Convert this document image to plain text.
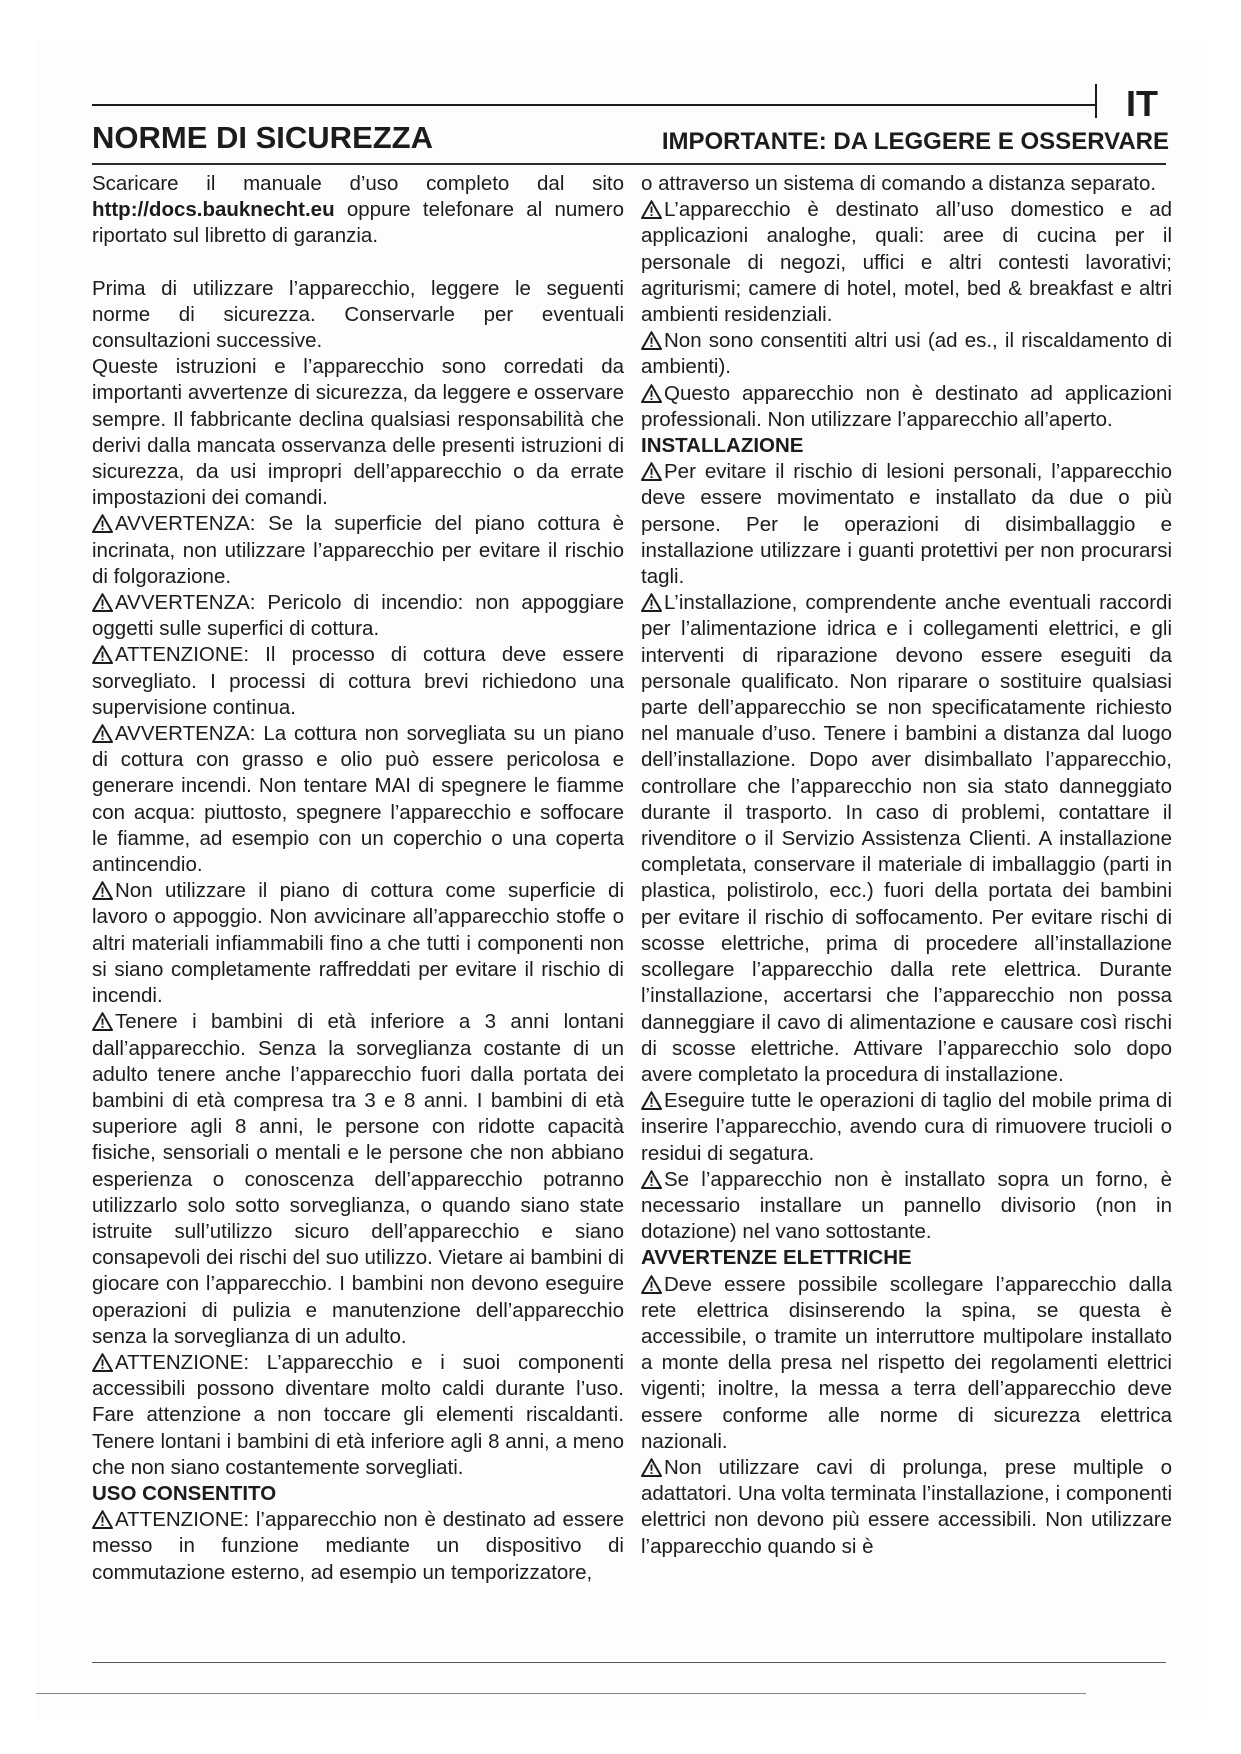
IT
NORME DI SICUREZZA	IMPORTANTE: DA LEGGERE E OSSERVARE

Scaricare il manuale d’uso completo dal sito http://docs.bauknecht.eu oppure telefonare al numero riportato sul libretto di garanzia.

Prima di utilizzare l’apparecchio, leggere le seguenti norme di sicurezza. Conservarle per eventuali consultazioni successive.

Queste istruzioni e l’apparecchio sono corredati da importanti avvertenze di sicurezza, da leggere e osservare sempre. Il fabbricante declina qualsiasi responsabilità che derivi dalla mancata osservanza delle presenti istruzioni di sicurezza, da usi impropri dell’apparecchio o da errate impostazioni dei comandi.

AVVERTENZA: Se la superficie del piano cottura è incrinata, non utilizzare l’apparecchio per evitare il rischio di folgorazione.

AVVERTENZA: Pericolo di incendio: non appoggiare oggetti sulle superfici di cottura.

ATTENZIONE: Il processo di cottura deve essere sorvegliato. I processi di cottura brevi richiedono una supervisione continua.

AVVERTENZA: La cottura non sorvegliata su un piano di cottura con grasso e olio può essere pericolosa e generare incendi. Non tentare MAI di spegnere le fiamme con acqua: piuttosto, spegnere l’apparecchio e soffocare le fiamme, ad esempio con un coperchio o una coperta antincendio.

Non utilizzare il piano di cottura come superficie di lavoro o appoggio. Non avvicinare all’apparecchio stoffe o altri materiali infiammabili fino a che tutti i componenti non si siano completamente raffreddati per evitare il rischio di incendi.

Tenere i bambini di età inferiore a 3 anni lontani dall’apparecchio. Senza la sorveglianza costante di un adulto tenere anche l’apparecchio fuori dalla portata dei bambini di età compresa tra 3 e 8 anni. I bambini di età superiore agli 8 anni, le persone con ridotte capacità fisiche, sensoriali o mentali e le persone che non abbiano esperienza o conoscenza dell’apparecchio potranno utilizzarlo solo sotto sorveglianza, o quando siano state istruite sull’utilizzo sicuro dell’apparecchio e siano consapevoli dei rischi del suo utilizzo. Vietare ai bambini di giocare con l’apparecchio. I bambini non devono eseguire operazioni di pulizia e manutenzione dell’apparecchio senza la sorveglianza di un adulto.

ATTENZIONE: L’apparecchio e i suoi componenti accessibili possono diventare molto caldi durante l’uso. Fare attenzione a non toccare gli elementi riscaldanti. Tenere lontani i bambini di età inferiore agli 8 anni, a meno che non siano costantemente sorvegliati.

USO CONSENTITO

ATTENZIONE: l’apparecchio non è destinato ad essere messo in funzione mediante un dispositivo di commutazione esterno, ad esempio un temporizzatore,

o attraverso un sistema di comando a distanza separato.

L’apparecchio è destinato all’uso domestico e ad applicazioni analoghe, quali: aree di cucina per il personale di negozi, uffici e altri contesti lavorativi; agriturismi; camere di hotel, motel, bed & breakfast e altri ambienti residenziali.

Non sono consentiti altri usi (ad es., il riscaldamento di ambienti).

Questo apparecchio non è destinato ad applicazioni professionali. Non utilizzare l’apparecchio all’aperto.

INSTALLAZIONE

Per evitare il rischio di lesioni personali, l’apparecchio deve essere movimentato e installato da due o più persone. Per le operazioni di disimballaggio e installazione utilizzare i guanti protettivi per non procurarsi tagli.

L’installazione, comprendente anche eventuali raccordi per l’alimentazione idrica e i collegamenti elettrici, e gli interventi di riparazione devono essere eseguiti da personale qualificato. Non riparare o sostituire qualsiasi parte dell’apparecchio se non specificatamente richiesto nel manuale d’uso. Tenere i bambini a distanza dal luogo dell’installazione. Dopo aver disimballato l’apparecchio, controllare che l’apparecchio non sia stato danneggiato durante il trasporto. In caso di problemi, contattare il rivenditore o il Servizio Assistenza Clienti. A installazione completata, conservare il materiale di imballaggio (parti in plastica, polistirolo, ecc.) fuori della portata dei bambini per evitare il rischio di soffocamento. Per evitare rischi di scosse elettriche, prima di procedere all’installazione scollegare l’apparecchio dalla rete elettrica. Durante l’installazione, accertarsi che l’apparecchio non possa danneggiare il cavo di alimentazione e causare così rischi di scosse elettriche. Attivare l’apparecchio solo dopo avere completato la procedura di installazione.

Eseguire tutte le operazioni di taglio del mobile prima di inserire l’apparecchio, avendo cura di rimuovere trucioli o residui di segatura.

Se l’apparecchio non è installato sopra un forno, è necessario installare un pannello divisorio (non in dotazione) nel vano sottostante.

AVVERTENZE ELETTRICHE

Deve essere possibile scollegare l’apparecchio dalla rete elettrica disinserendo la spina, se questa è accessibile, o tramite un interruttore multipolare installato a monte della presa nel rispetto dei regolamenti elettrici vigenti; inoltre, la messa a terra dell’apparecchio deve essere conforme alle norme di sicurezza elettrica nazionali.

Non utilizzare cavi di prolunga, prese multiple o adattatori. Una volta terminata l’installazione, i componenti elettrici non devono più essere accessibili. Non utilizzare l’apparecchio quando si è
